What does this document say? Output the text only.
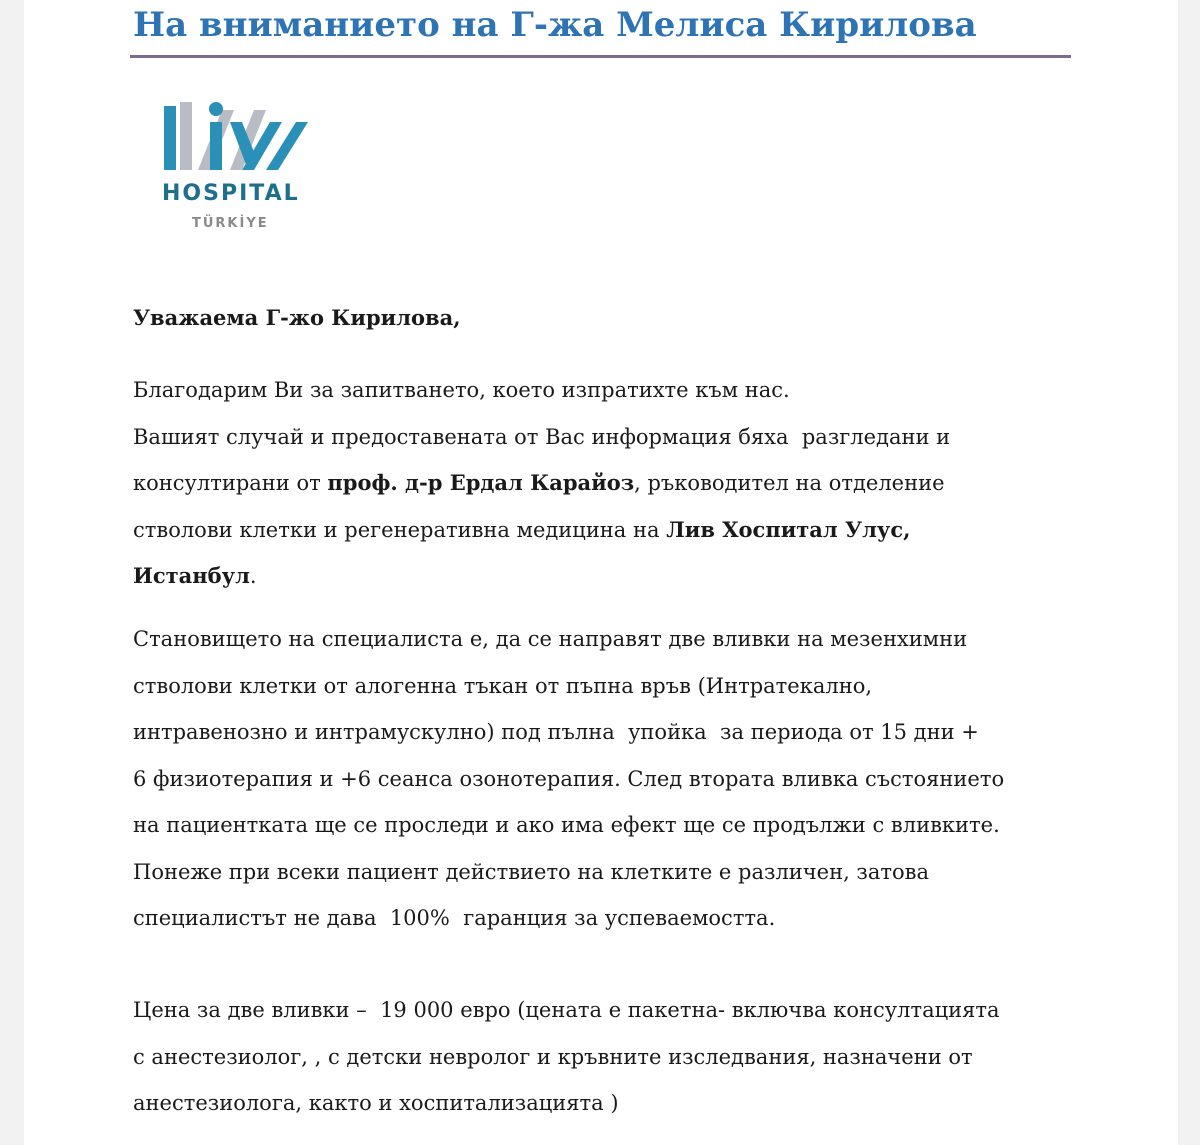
На вниманието на Г-жа Мелиса Кирилова
HOSPITAL
TÜRKİYE

Уважаема Г-жо Кирилова,

Благодарим Ви за запитването, което изпратихте към нас.
Вашият случай и предоставената от Вас информация бяха  разгледани и
консултирани от проф. д-р Ердал Карайоз, ръководител на отделение
стволови клетки и регенеративна медицина на Лив Хоспитал Улус,
Истанбул.

Становището на специалиста е, да се направят две вливки на мезенхимни
стволови клетки от алогенна тъкан от пъпна връв (Интратекално,
интравенозно и интрамускулно) под пълна  упойка  за периода от 15 дни +
6 физиотерапия и +6 сеанса озонотерапия. След втората вливка състоянието
на пациентката ще се проследи и ако има ефект ще се продължи с вливките.
Понеже при всеки пациент действието на клетките е различен, затова
специалистът не дава  100%  гаранция за успеваемостта.

Цена за две вливки –  19 000 евро (цената е пакетна- включва консултацията
с анестезиолог, , с детски невролог и кръвните изследвания, назначени от
анестезиолога, както и хоспитализацията )
